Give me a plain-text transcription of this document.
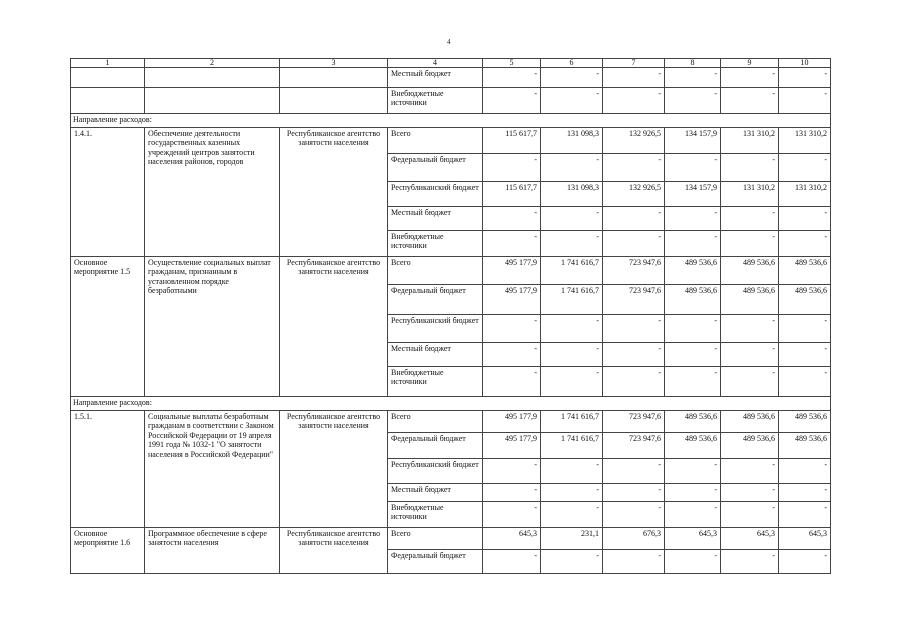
4
1	2	3	4	5	6	7	8	9	10
			Местный бюджет	-	-	-	-	-	-
			Внебюджетные источники	-	-	-	-	-	-
Направление расходов:									
1.4.1.	Обеспечение деятельности государственных казенных учреждений центров занятости населения районов, городов	Республиканское агентство занятости населения	Всего	115 617,7	131 098,3	132 926,5	134 157,9	131 310,2	131 310,2
			Федеральный бюджет	-	-	-	-	-	-
			Республиканский бюджет	115 617,7	131 098,3	132 926,5	134 157,9	131 310,2	131 310,2
			Местный бюджет	-	-	-	-	-	-
			Внебюджетные источники	-	-	-	-	-	-
Основное мероприятие 1.5	Осуществление социальных выплат гражданам, признанным в установленном порядке безработными	Республиканское агентство занятости населения	Всего	495 177,9	1 741 616,7	723 947,6	489 536,6	489 536,6	489 536,6
			Федеральный бюджет	495 177,9	1 741 616,7	723 947,6	489 536,6	489 536,6	489 536,6
			Республиканский бюджет	-	-	-	-	-	-
			Местный бюджет	-	-	-	-	-	-
			Внебюджетные источники	-	-	-	-	-	-
Направление расходов:									
1.5.1.	Социальные выплаты безработным гражданам в соответствии с Законом Российской Федерации от 19 апреля 1991 года № 1032-1 "О занятости населения в Российской Федерации"	Республиканское агентство занятости населения	Всего	495 177,9	1 741 616,7	723 947,6	489 536,6	489 536,6	489 536,6
			Федеральный бюджет	495 177,9	1 741 616,7	723 947,6	489 536,6	489 536,6	489 536,6
			Республиканский бюджет	-	-	-	-	-	-
			Местный бюджет	-	-	-	-	-	-
			Внебюджетные источники	-	-	-	-	-	-
Основное мероприятие 1.6	Программное обеспечение в сфере занятости населения	Республиканское агентство занятости населения	Всего	645,3	231,1	676,3	645,3	645,3	645,3
			Федеральный бюджет	-	-	-	-	-	-
